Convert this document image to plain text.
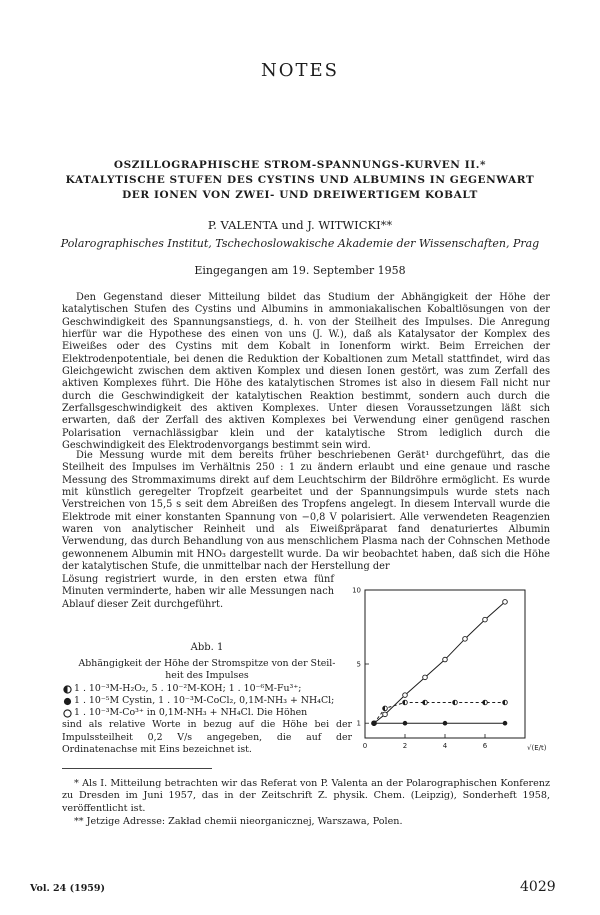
NOTES
OSZILLOGRAPHISCHE STROM-SPANNUNGS-KURVEN II.*
KATALYTISCHE STUFEN DES CYSTINS UND ALBUMINS IN GEGENWART
DER IONEN VON ZWEI- UND DREIWERTIGEM KOBALT
P. VALENTA und J. WITWICKI**
Polarographisches Institut, Tschechoslowakische Akademie der Wissenschaften, Prag
Eingegangen am 19. September 1958

Den Gegenstand dieser Mitteilung bildet das Studium der Abhängigkeit der Höhe der katalytischen Stufen des Cystins und Albumins in ammoniakalischen Kobaltlösungen von der Geschwindigkeit des Spannungsanstiegs, d. h. von der Steilheit des Impulses. Die Anregung hierfür war die Hypothese des einen von uns (J. W.), daß als Katalysator der Komplex des Eiweißes oder des Cystins mit dem Kobalt in Ionenform wirkt. Beim Erreichen der Elektrodenpotentiale, bei denen die Reduktion der Kobaltionen zum Metall stattfindet, wird das Gleichgewicht zwischen dem aktiven Komplex und diesen Ionen gestört, was zum Zerfall des aktiven Komplexes führt. Die Höhe des katalytischen Stromes ist also in diesem Fall nicht nur durch die Geschwindigkeit der katalytischen Reaktion bestimmt, sondern auch durch die Zerfallsgeschwindigkeit des aktiven Komplexes. Unter diesen Voraussetzungen läßt sich erwarten, daß der Zerfall des aktiven Komplexes bei Verwendung einer genügend raschen Polarisation vernachlässigbar klein und der katalytische Strom lediglich durch die Geschwindigkeit des Elektrodenvorgangs bestimmt sein wird.

Die Messung wurde mit dem bereits früher beschriebenen Gerät¹ durchgeführt, das die Steilheit des Impulses im Verhältnis 250 : 1 zu ändern erlaubt und eine genaue und rasche Messung des Strommaximums direkt auf dem Leuchtschirm der Bildröhre ermöglicht. Es wurde mit künstlich geregelter Tropfzeit gearbeitet und der Spannungsimpuls wurde stets nach Verstreichen von 15,5 s seit dem Abreißen des Tropfens angelegt. In diesem Intervall wurde die Elektrode mit einer konstanten Spannung von −0,8 V polarisiert. Alle verwendeten Reagenzien waren von analytischer Reinheit und als Eiweißpräparat fand denaturiertes Albumin Verwendung, das durch Behandlung von aus menschlichem Plasma nach der Cohnschen Methode gewonnenem Albumin mit HNO₃ dargestellt wurde. Da wir beobachtet haben, daß sich die Höhe der katalytischen Stufe, die unmittelbar nach der Herstellung der

Lösung registriert wurde, in den ersten etwa fünf Minuten verminderte, haben wir alle Messungen nach Ablauf dieser Zeit durchgeführt.

0	2	4	6
1
5
10
√(E/t)
Abb. 1
Abhängigkeit der Höhe der Stromspitze von der Steil-
heit des Impulses
1 . 10⁻³M-H₂O₂, 5 . 10⁻²M-KOH; 1 . 10⁻⁶M-Fu³⁺;
1 . 10⁻⁵M Cystin, 1 . 10⁻³M-CoCl₂, 0,1M-NH₃ + NH₄Cl;
1 . 10⁻³M-Co³⁺ in 0,1M-NH₃ + NH₄Cl. Die Höhen
sind als relative Worte in bezug auf die Höhe bei der Impulssteilheit 0,2 V/s angegeben, die auf der Ordinatenachse mit Eins bezeichnet ist.
* Als I. Mitteilung betrachten wir das Referat von P. Valenta an der Polarographischen Konferenz zu Dresden im Juni 1957, das in der Zeitschrift Z. physik. Chem. (Leipzig), Sonderheft 1958, veröffentlicht ist.
** Jetzige Adresse: Zakład chemii nieorganicznej, Warszawa, Polen.
Vol. 24 (1959)	4029
